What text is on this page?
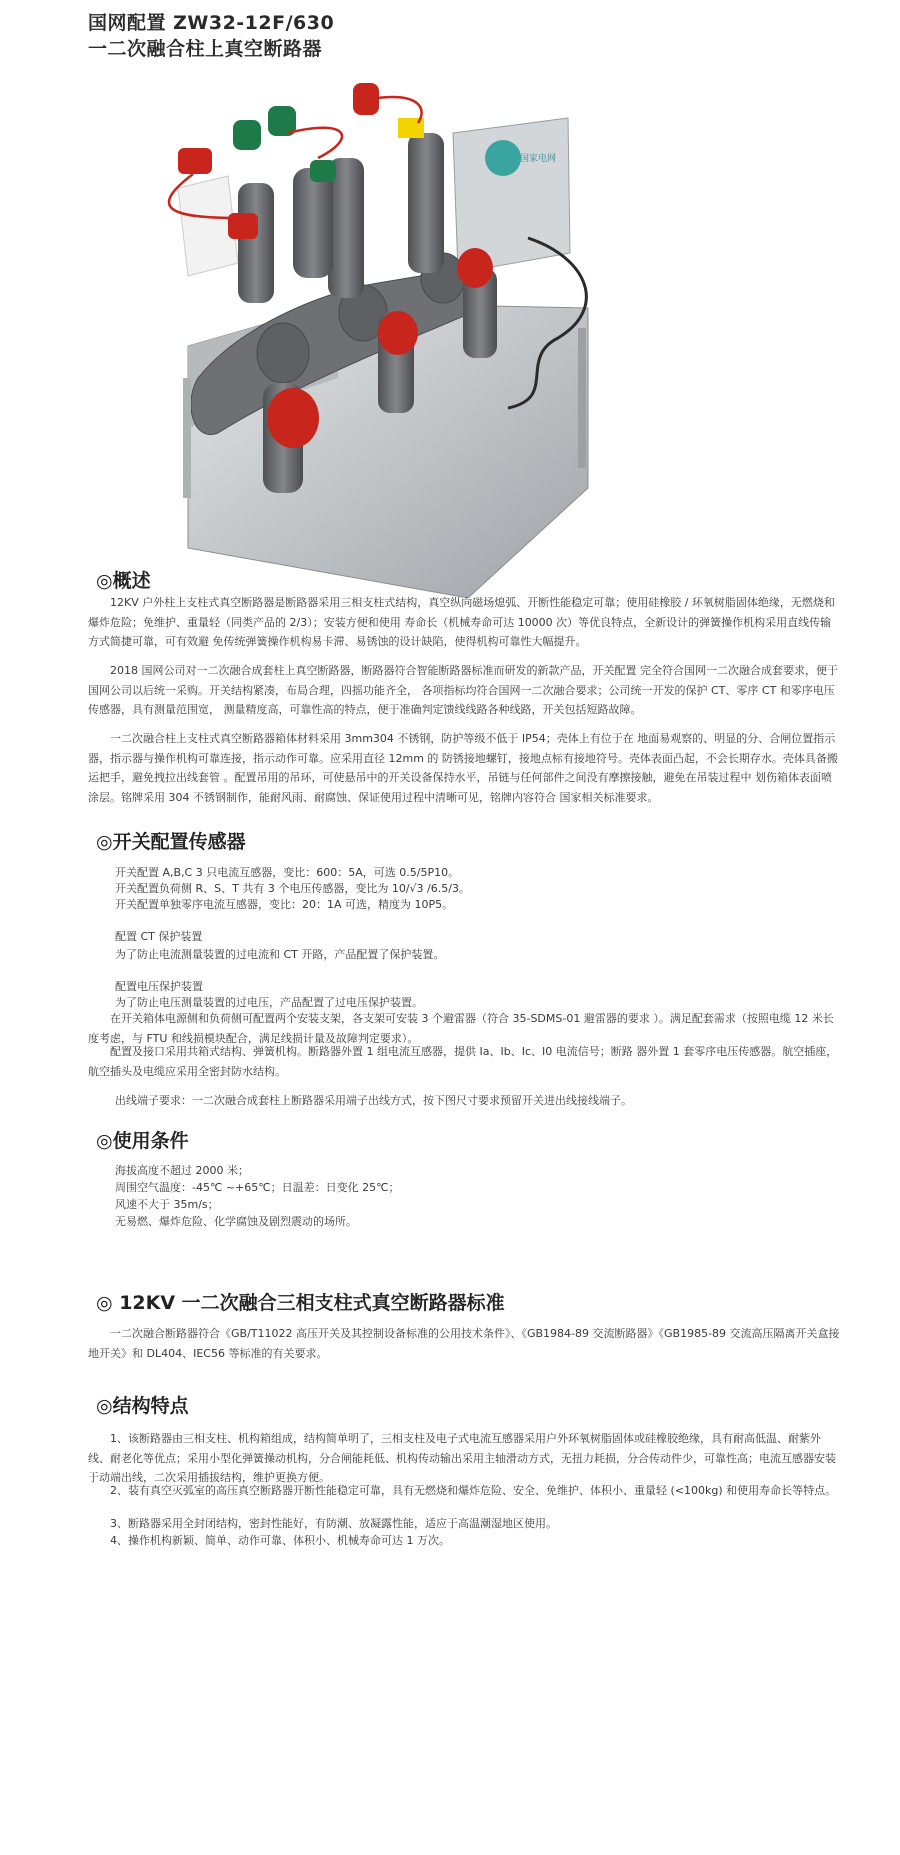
国网配置 ZW32-12F/630
一二次融合柱上真空断路器
国家电网
◎概述

12KV 户外柱上支柱式真空断路器是断路器采用三相支柱式结构，真空纵向磁场熄弧、开断性能稳定可靠；使用硅橡胶 / 环氧树脂固体绝缘，无燃烧和爆炸危险；免维护、重量轻（同类产品的 2/3）；安装方便和使用 寿命长（机械寿命可达 10000 次）等优良特点，全新设计的弹簧操作机构采用直线传输方式简捷可靠，可有效避 免传统弹簧操作机构易卡滞、易锈蚀的设计缺陷，使得机构可靠性大幅提升。

2018 国网公司对一二次融合成套柱上真空断路器，断路器符合智能断路器标准而研发的新款产品，开关配置 完全符合国网一二次融合成套要求，便于国网公司以后统一采购。开关结构紧凑，布局合理，四摇功能齐全， 各项指标均符合国网一二次融合要求；公司统一开发的保护 CT、零序 CT 和零序电压传感器，具有测量范围宽， 测量精度高，可靠性高的特点，便于准确判定馈线线路各种线路，开关包括短路故障。

一二次融合柱上支柱式真空断路器箱体材料采用 3mm304 不锈钢，防护等级不低于 IP54；壳体上有位于在 地面易观察的、明显的分、合闸位置指示器，指示器与操作机构可靠连接，指示动作可靠。应采用直径 12mm 的 防锈接地螺钉，接地点标有接地符号。壳体表面凸起，不会长期存水。壳体具备搬运把手，避免拽拉出线套管 。配置吊用的吊环，可使悬吊中的开关设备保持水平，吊链与任何部件之间没有摩擦接触，避免在吊装过程中 划伤箱体表面喷涂层。铭牌采用 304 不锈钢制作，能耐风雨、耐腐蚀、保证使用过程中清晰可见，铭牌内容符合 国家相关标准要求。

◎开关配置传感器

开关配置 A,B,C 3 只电流互感器，变比：600：5A，可选 0.5/5P10。

开关配置负荷侧 R、S、T 共有 3 个电压传感器，变比为 10/√3 /6.5/3。

开关配置单独零序电流互感器，变比：20：1A 可选，精度为 10P5。

配置 CT 保护装置

为了防止电流测量装置的过电流和 CT 开路，产品配置了保护装置。

配置电压保护装置

为了防止电压测量装置的过电压，产品配置了过电压保护装置。

在开关箱体电源侧和负荷侧可配置两个安装支架，各支架可安装 3 个避雷器（符合 35-SDMS-01 避雷器的要求 ）。满足配套需求（按照电缆 12 米长度考虑，与 FTU 和线损模块配合，满足线损计量及故障判定要求）。

配置及接口采用共箱式结构、弹簧机构。断路器外置 1 组电流互感器，提供 Ia、Ib、Ic、I0 电流信号；断路 器外置 1 套零序电压传感器。航空插座，航空插头及电缆应采用全密封防水结构。

出线端子要求：一二次融合成套柱上断路器采用端子出线方式，按下图尺寸要求预留开关进出线接线端子。

◎使用条件

海拔高度不超过 2000 米；

周围空气温度：-45℃ ~+65℃；日温差：日变化 25℃；

风速不大于 35m/s；

无易燃、爆炸危险、化学腐蚀及剧烈震动的场所。

◎ 12KV 一二次融合三相支柱式真空断路器标准

一二次融合断路器符合《GB/T11022 高压开关及其控制设备标准的公用技术条件》、《GB1984-89 交流断路器》《GB1985-89 交流高压隔离开关盒接地开关》和 DL404、IEC56 等标准的有关要求。

◎结构特点

1、该断路器由三相支柱、机构箱组成，结构简单明了，三相支柱及电子式电流互感器采用户外环氧树脂固体或硅橡胶绝缘，具有耐高低温、耐紫外线、耐老化等优点；采用小型化弹簧操动机构，分合闸能耗低、机构传动输出采用主轴滑动方式，无扭力耗损，分合传动件少，可靠性高；电流互感器安装于动端出线，二次采用插拔结构，维护更换方便。

2、装有真空灭弧室的高压真空断路器开断性能稳定可靠，具有无燃烧和爆炸危险、安全、免维护、体积小、重量轻 (<100kg) 和使用寿命长等特点。

3、断路器采用全封闭结构，密封性能好，有防潮、放凝露性能，适应于高温潮湿地区使用。

4、操作机构新颖、简单、动作可靠、体积小、机械寿命可达 1 万次。
